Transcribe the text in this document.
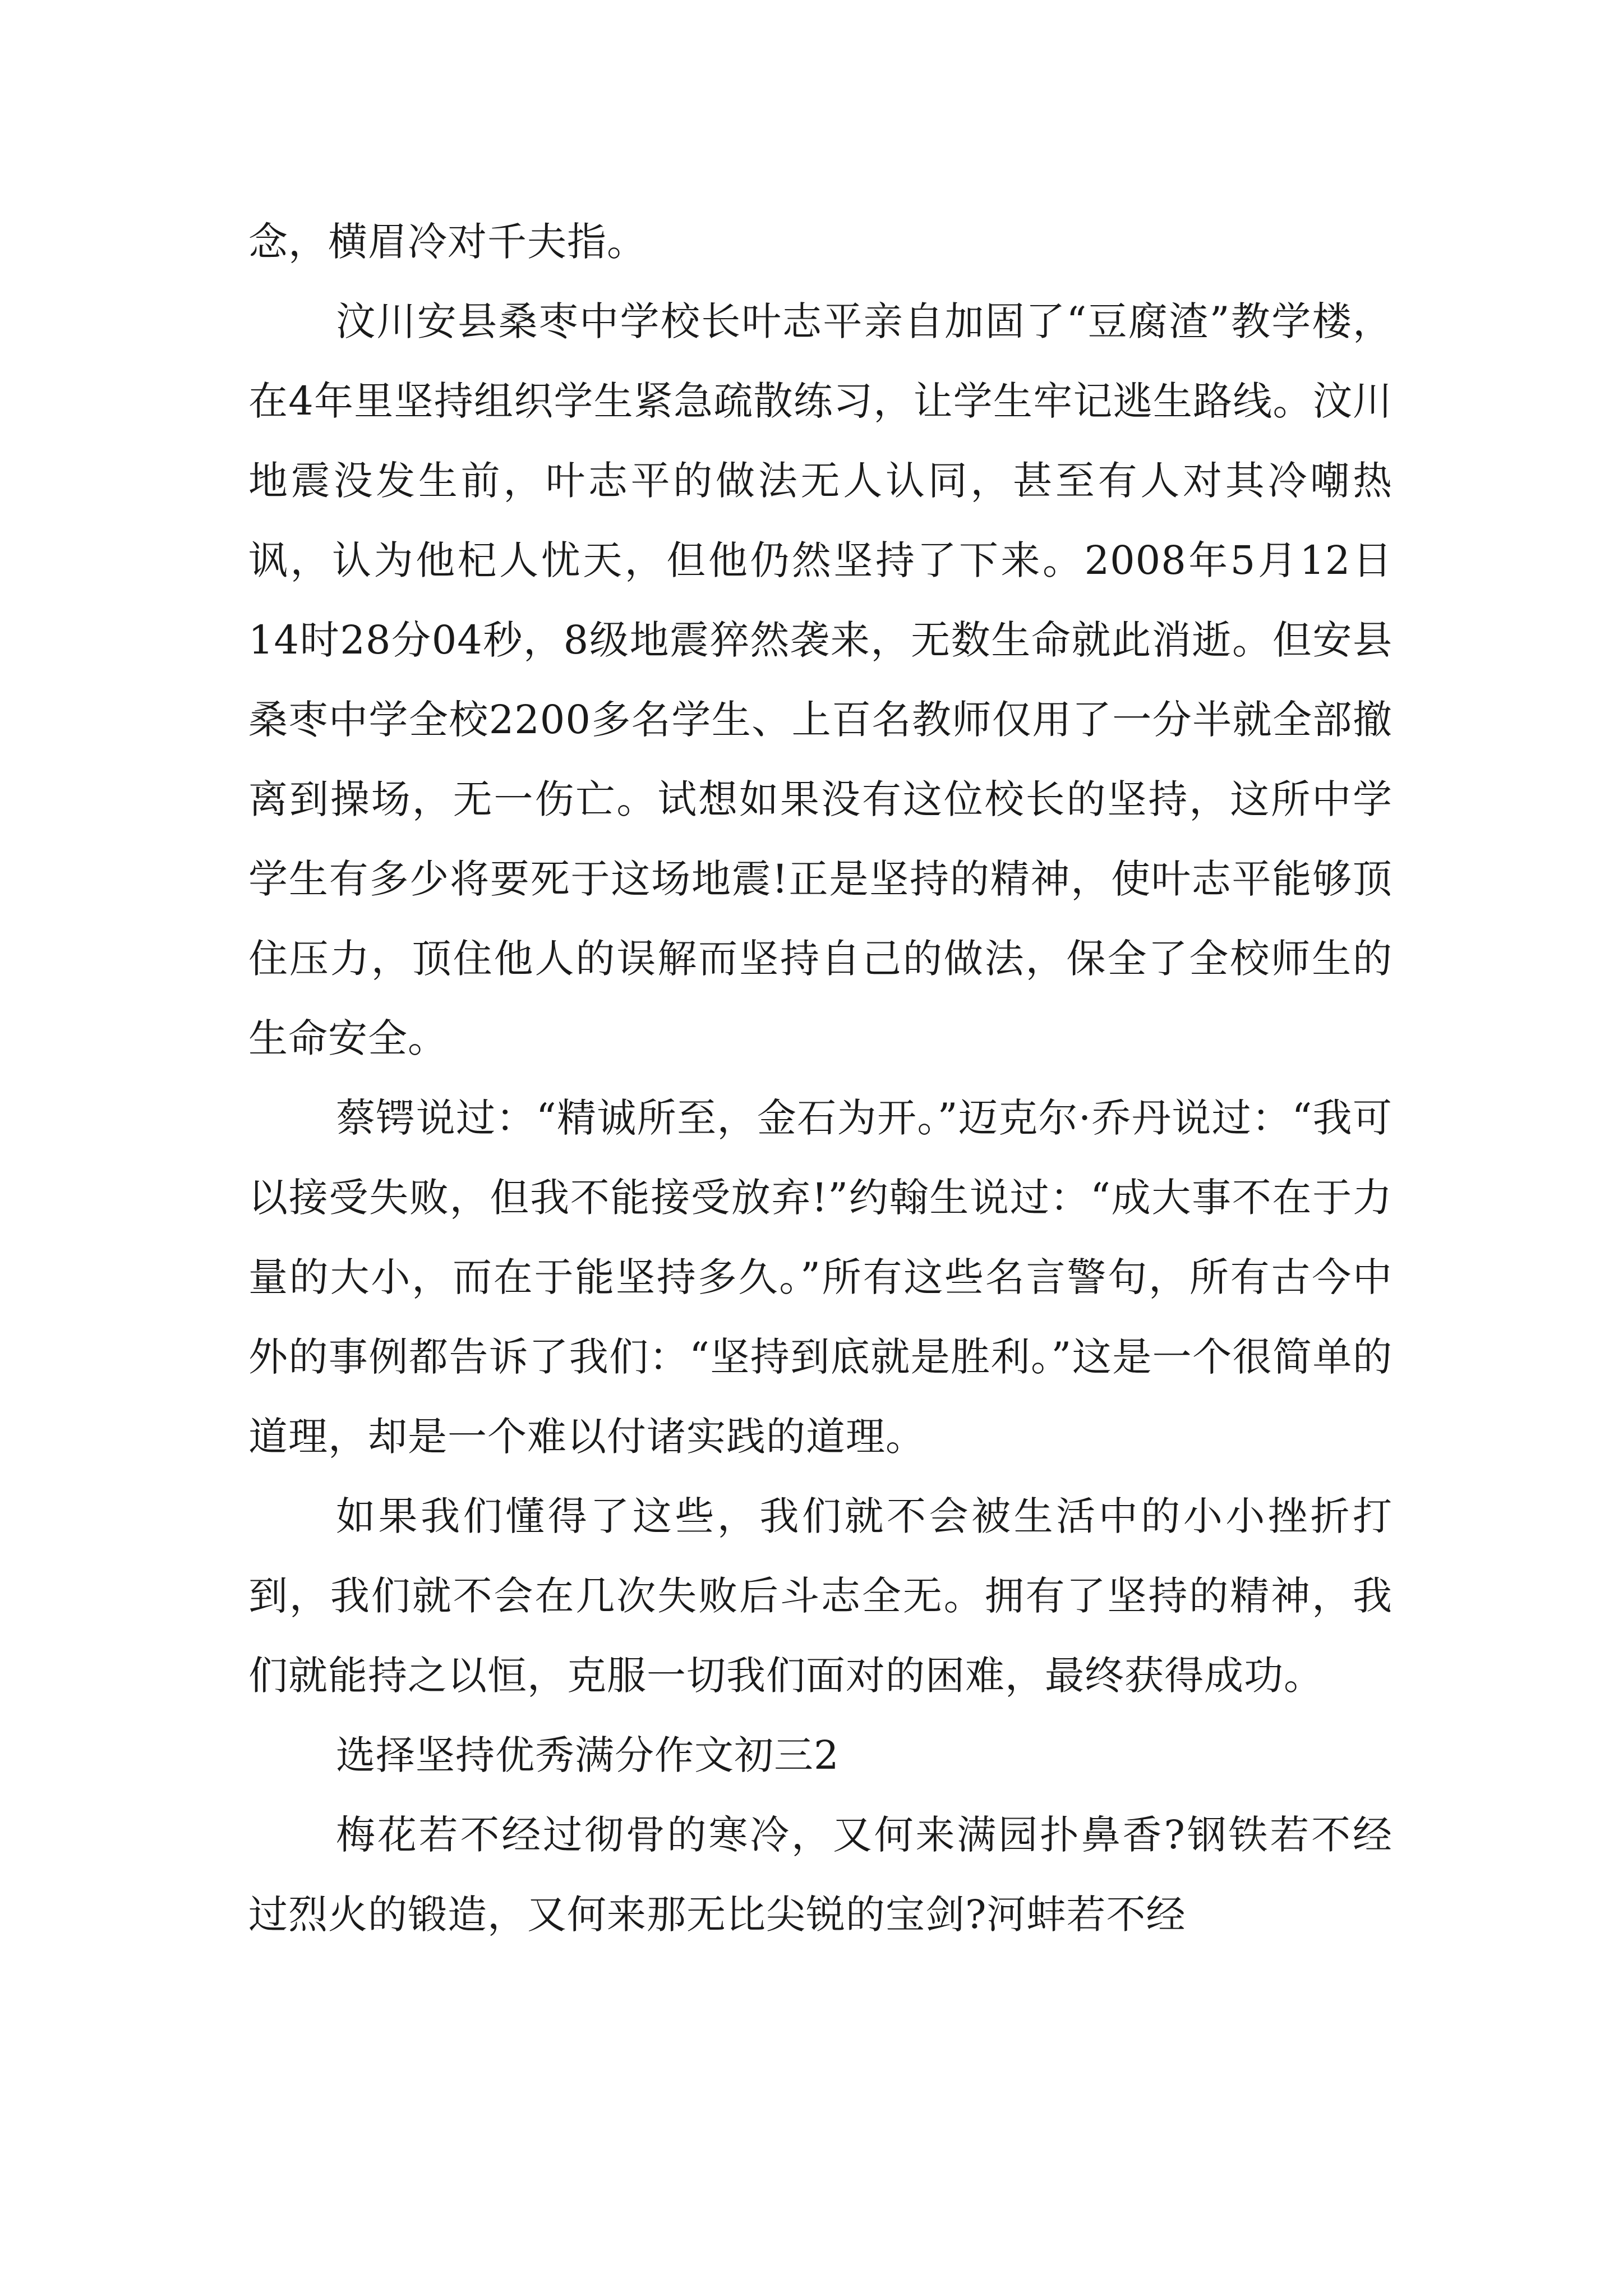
念，横眉冷对千夫指。

汶川安县桑枣中学校长叶志平亲自加固了“豆腐渣”教学楼，在4年里坚持组织学生紧急疏散练习，让学生牢记逃生路线。汶川地震没发生前，叶志平的做法无人认同，甚至有人对其冷嘲热讽，认为他杞人忧天，但他仍然坚持了下来。2008年5月12日14时28分04秒，8级地震猝然袭来，无数生命就此消逝。但安县桑枣中学全校2200多名学生、上百名教师仅用了一分半就全部撤离到操场，无一伤亡。试想如果没有这位校长的坚持，这所中学学生有多少将要死于这场地震!正是坚持的精神，使叶志平能够顶住压力，顶住他人的误解而坚持自己的做法，保全了全校师生的生命安全。

蔡锷说过：“精诚所至，金石为开。”迈克尔·乔丹说过：“我可以接受失败，但我不能接受放弃!”约翰生说过：“成大事不在于力量的大小，而在于能坚持多久。”所有这些名言警句，所有古今中外的事例都告诉了我们：“坚持到底就是胜利。”这是一个很简单的道理，却是一个难以付诸实践的道理。

如果我们懂得了这些，我们就不会被生活中的小小挫折打到，我们就不会在几次失败后斗志全无。拥有了坚持的精神，我们就能持之以恒，克服一切我们面对的困难，最终获得成功。

选择坚持优秀满分作文初三2

梅花若不经过彻骨的寒冷，又何来满园扑鼻香?钢铁若不经过烈火的锻造，又何来那无比尖锐的宝剑?河蚌若不经
